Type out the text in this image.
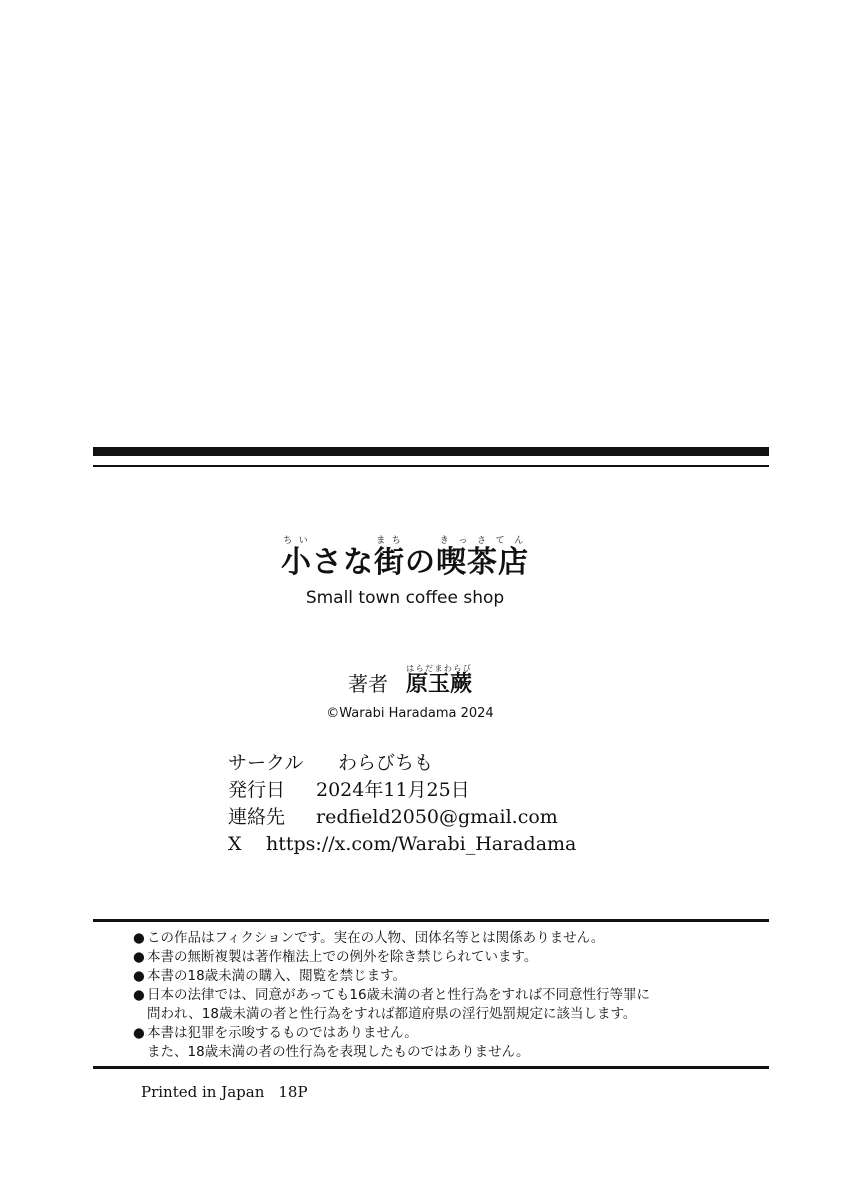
小ちいさな街まちの喫茶店きっさてん
Small town coffee shop
著者 原玉蕨はらだまわらび
©Warabi Haradama 2024
サークル わらびちも
発行日 2024年11月25日
連絡先 redfield2050@gmail.com
X https://x.com/Warabi_Haradama
● この作品はフィクションです。実在の人物、団体名等とは関係ありません。
● 本書の無断複製は著作権法上での例外を除き禁じられています。
● 本書の18歳未満の購入、閲覧を禁じます。
● 日本の法律では、同意があっても16歳未満の者と性行為をすれば不同意性行等罪に
問われ、18歳未満の者と性行為をすれば都道府県の淫行処罰規定に該当します。
● 本書は犯罪を示唆するものではありません。
また、18歳未満の者の性行為を表現したものではありません。
Printed in Japan 18P
